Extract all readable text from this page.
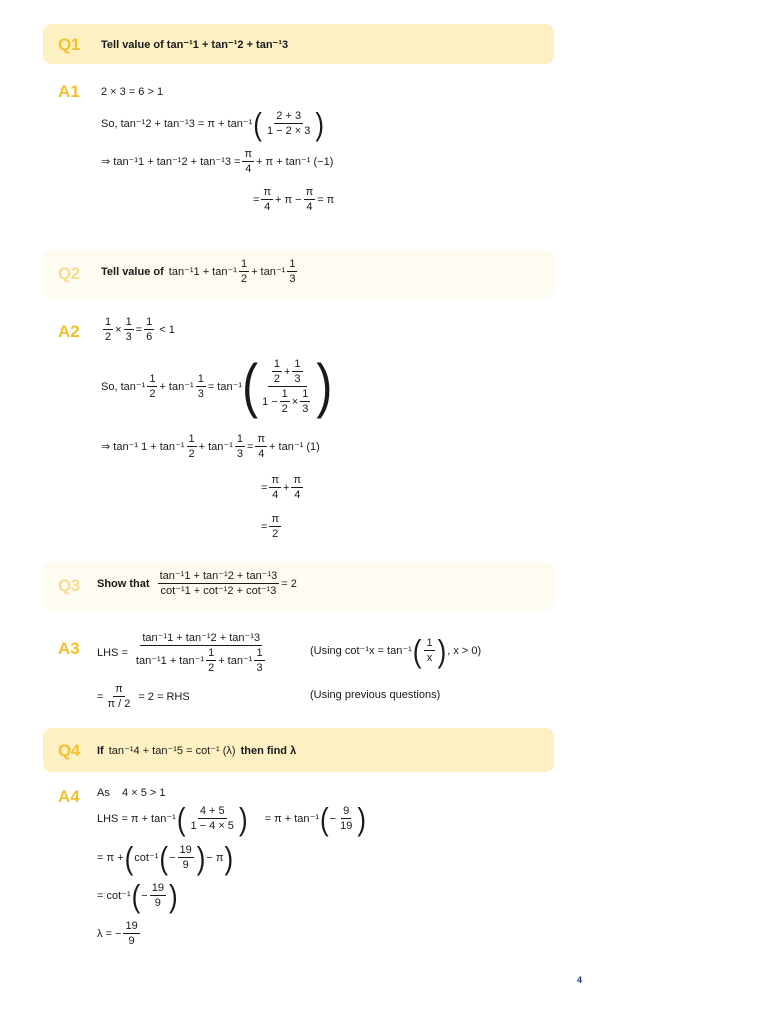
Q1 Tell value of tan⁻¹1 + tan⁻¹2 + tan⁻¹3
A1 2 × 3 = 6 > 1
So, tan⁻¹2 + tan⁻¹3 = π + tan⁻¹ ( $\frac{2 + 3}{1 - 2 \times 3}$ )
⇒ $\tan^{-1}1 + \tan^{-1}2 + \tan^{-1}3 = \frac{\pi}{4} + \pi + \tan^{-1}$ (−1)
= $\frac{\pi}{4} + \pi - \frac{\pi}{4} = \pi$
Q2 Tell value of $\tan^{-1}1 + \tan^{-1} \frac{1}{2} + \tan^{-1} \frac{1}{3}$
$A2 \frac{1}{2} \times \frac{1}{3} = \frac{1}{6} < 1$
So, $\tan^{-1} \frac{1}{2} + \tan^{-1} \frac{1}{3} = \tan^{-1}$ ( $\frac{\frac{1}{2} + \frac{1}{3}}{1 - \frac{1}{2} \times \frac{1}{3}}$ )
⇒ tan⁻¹ $1 + \tan^{-1} \frac{1}{2} + \tan^{-1} \frac{1}{3} = \frac{\pi}{4} + \tan^{-1}$ (1)
= $\frac{\pi}{4} + \frac{\pi}{4}$
= $\frac{\pi}{2}$
Q3 Show that $\frac{\text{tan⁻¹1 + tan⁻¹2 + tan⁻¹3}}{\text{cot⁻¹1 + cot⁻¹2 + cot⁻¹3}} = 2$
A3 LHS = $\frac{\text{tan⁻¹1 + tan⁻¹2 + tan⁻¹3}}{\tan^{-1}1 + \tan^{-1} \frac{1}{2} + \tan^{-1} \frac{1}{3}}$	(Using cot⁻¹x = tan⁻¹ ( $\frac{1}{x}$ ) , x > 0)
= $\frac{\pi}{\pi / 2} = 2$ = RHS	(Using previous questions)
Q4 If tan⁻¹4 + tan⁻¹5 = cot⁻¹ (λ) then find λ
A4 As    4 × 5 > 1
LHS = π + tan⁻¹ ( $\frac{4 + 5}{1 - 4 \times 5}$ ) = π + tan⁻¹ ( − $\frac{9}{19}$ )
= π + ( cot⁻¹ ( − $\frac{19}{9}$ ) − π )
= cot⁻¹ ( − $\frac{19}{9}$ )
λ = − $\frac{19}{9}$
4
